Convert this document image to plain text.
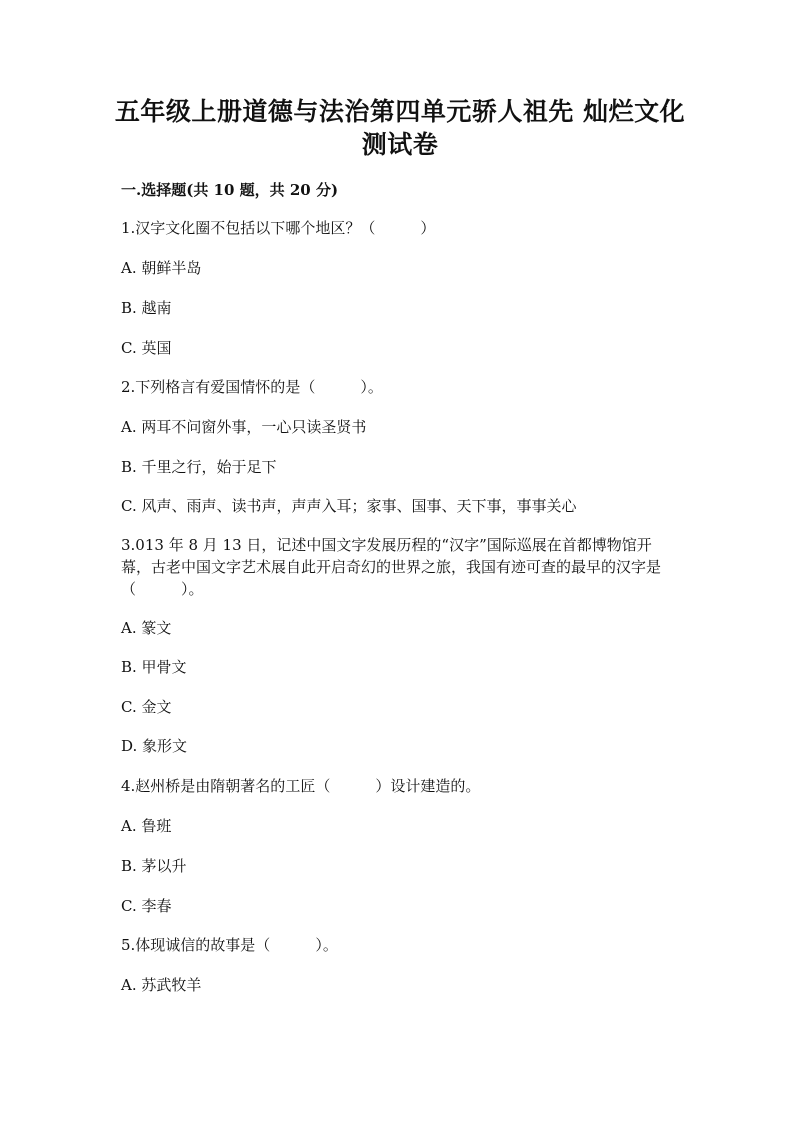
五年级上册道德与法治第四单元骄人祖先 灿烂文化
测试卷
一.选择题(共 10 题，共 20 分)
1.汉字文化圈不包括以下哪个地区？（　　　）
A. 朝鲜半岛
B. 越南
C. 英国
2.下列格言有爱国情怀的是（　　　）。
A. 两耳不问窗外事，一心只读圣贤书
B. 千里之行，始于足下
C. 风声、雨声、读书声，声声入耳；家事、国事、天下事，事事关心
3.013 年 8 月 13 日，记述中国文字发展历程的“汉字”国际巡展在首都博物馆开幕，古老中国文字艺术展自此开启奇幻的世界之旅，我国有迹可查的最早的汉字是（　　　）。
A. 篆文
B. 甲骨文
C. 金文
D. 象形文
4.赵州桥是由隋朝著名的工匠（　　　）设计建造的。
A. 鲁班
B. 茅以升
C. 李春
5.体现诚信的故事是（　　　）。
A. 苏武牧羊
